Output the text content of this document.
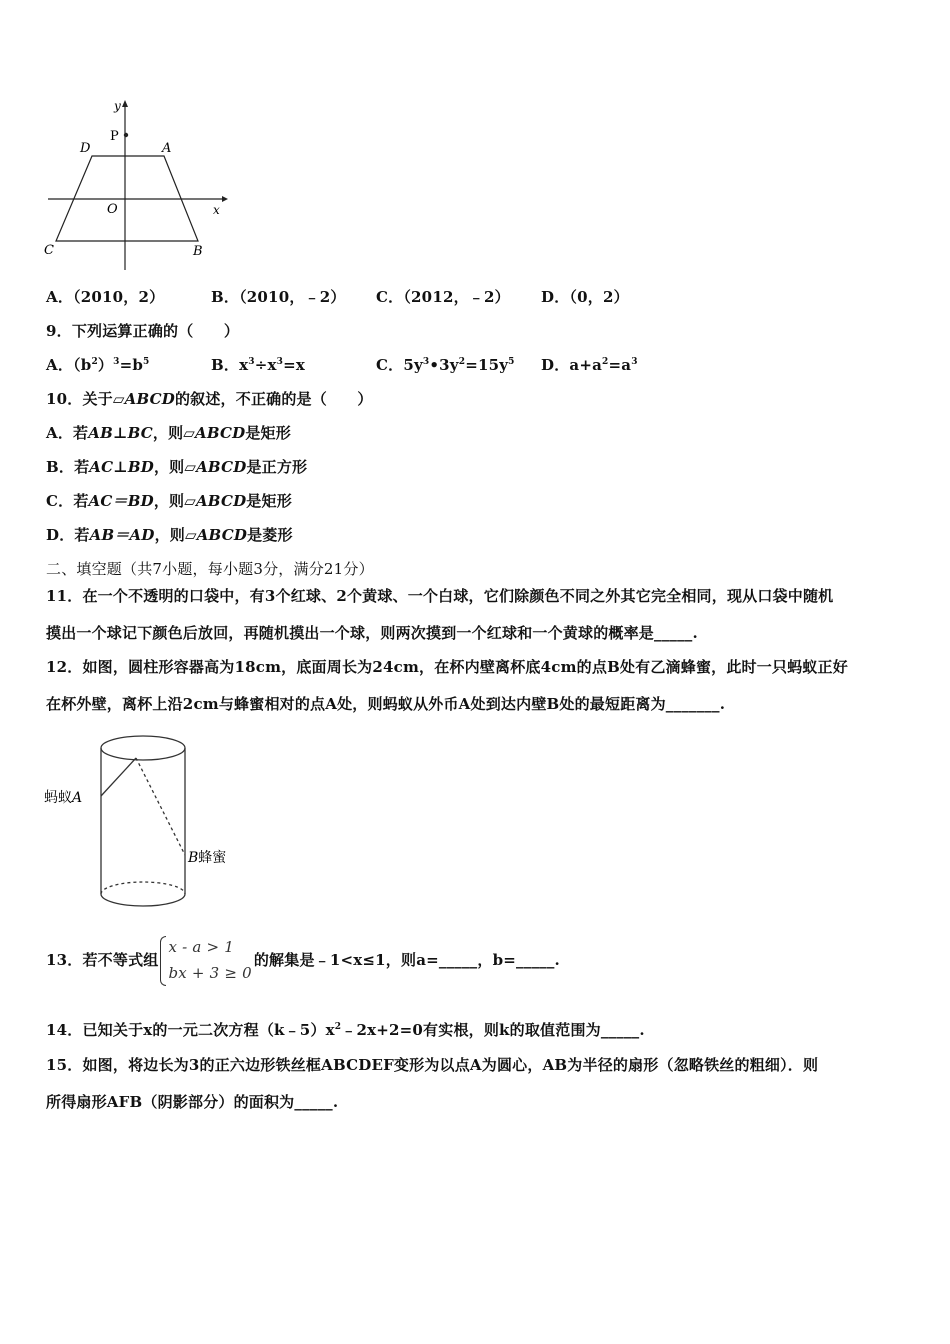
y
P
D	A
O	x
C	B
A．（2010，2）	B．（2010，﹣2） C．（2012，﹣2） D．（0，2）
9．下列运算正确的（　　）
A．$(b^2)^3=b^5$	B．$x^3\div x^3=x$	C．$5y^3•3y^2=15y^5$ D．$a+a^2=a^3$
10．关于▱ABCD的叙述，不正确的是（　　）
A．若AB⊥BC，则▱ABCD是矩形
B．若AC⊥BD，则▱ABCD是正方形
C．若AC＝BD，则▱ABCD是矩形
D．若AB＝AD，则▱ABCD是菱形
二、填空题（共7小题，每小题3分，满分21分）
11．在一个不透明的口袋中，有3个红球、2个黄球、一个白球，它们除颜色不同之外其它完全相同，现从口袋中随机
摸出一个球记下颜色后放回，再随机摸出一个球，则两次摸到一个红球和一个黄球的概率是_____.
12．如图，圆柱形容器高为18cm，底面周长为24cm，在杯内壁离杯底4cm的点B处有乙滴蜂蜜，此时一只蚂蚁正好
在杯外壁，离杯上沿2cm与蜂蜜相对的点A处，则蚂蚁从外币A处到达内壁B处的最短距离为_______.
蚂蚁A
B蜂蜜
13．若不等式组
x - a > 1
bx + 3 ≥ 0
的解集是﹣1<x≤1，则a=_____，b=_____.
14．已知关于x的一元二次方程$(k﹣5)x^2﹣2x+2=0$有实根，则k的取值范围为_____.
15．如图，将边长为3的正六边形铁丝框ABCDEF变形为以点A为圆心，AB为半径的扇形（忽略铁丝的粗细）．则
所得扇形AFB（阴影部分）的面积为_____.
